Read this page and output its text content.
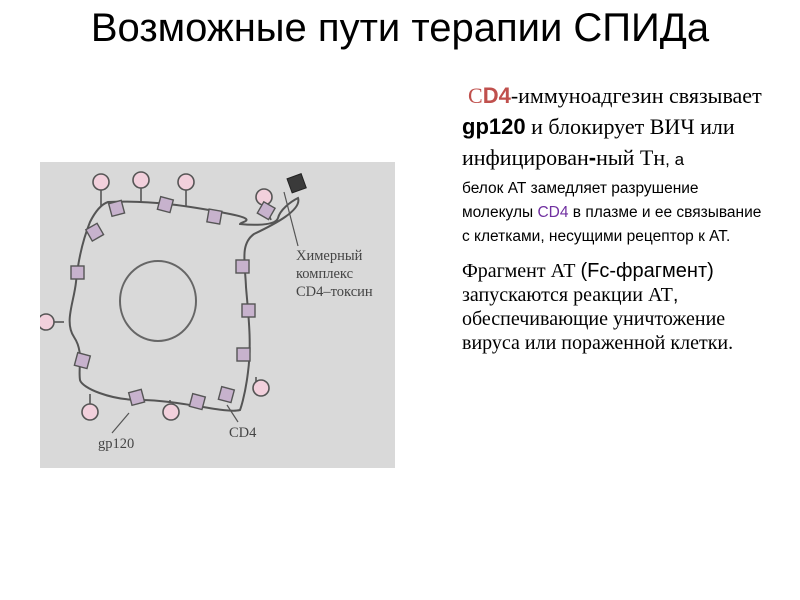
Возможные пути терапии СПИДа
Химерный
комплекс
CD4–токсин
gp120
CD4
СD4-иммуноадгезин связывает gp120 и блокирует ВИЧ или инфицирован-ный Тн, а
белок АТ замедляет разрушение молекулы CD4 в плазме и ее связывание с клетками, несущими рецептор к АТ.
Фрагмент АТ (Fc-фрагмент) запускаются реакции АТ, обеспечивающие уничтожение вируса или пораженной клетки.
